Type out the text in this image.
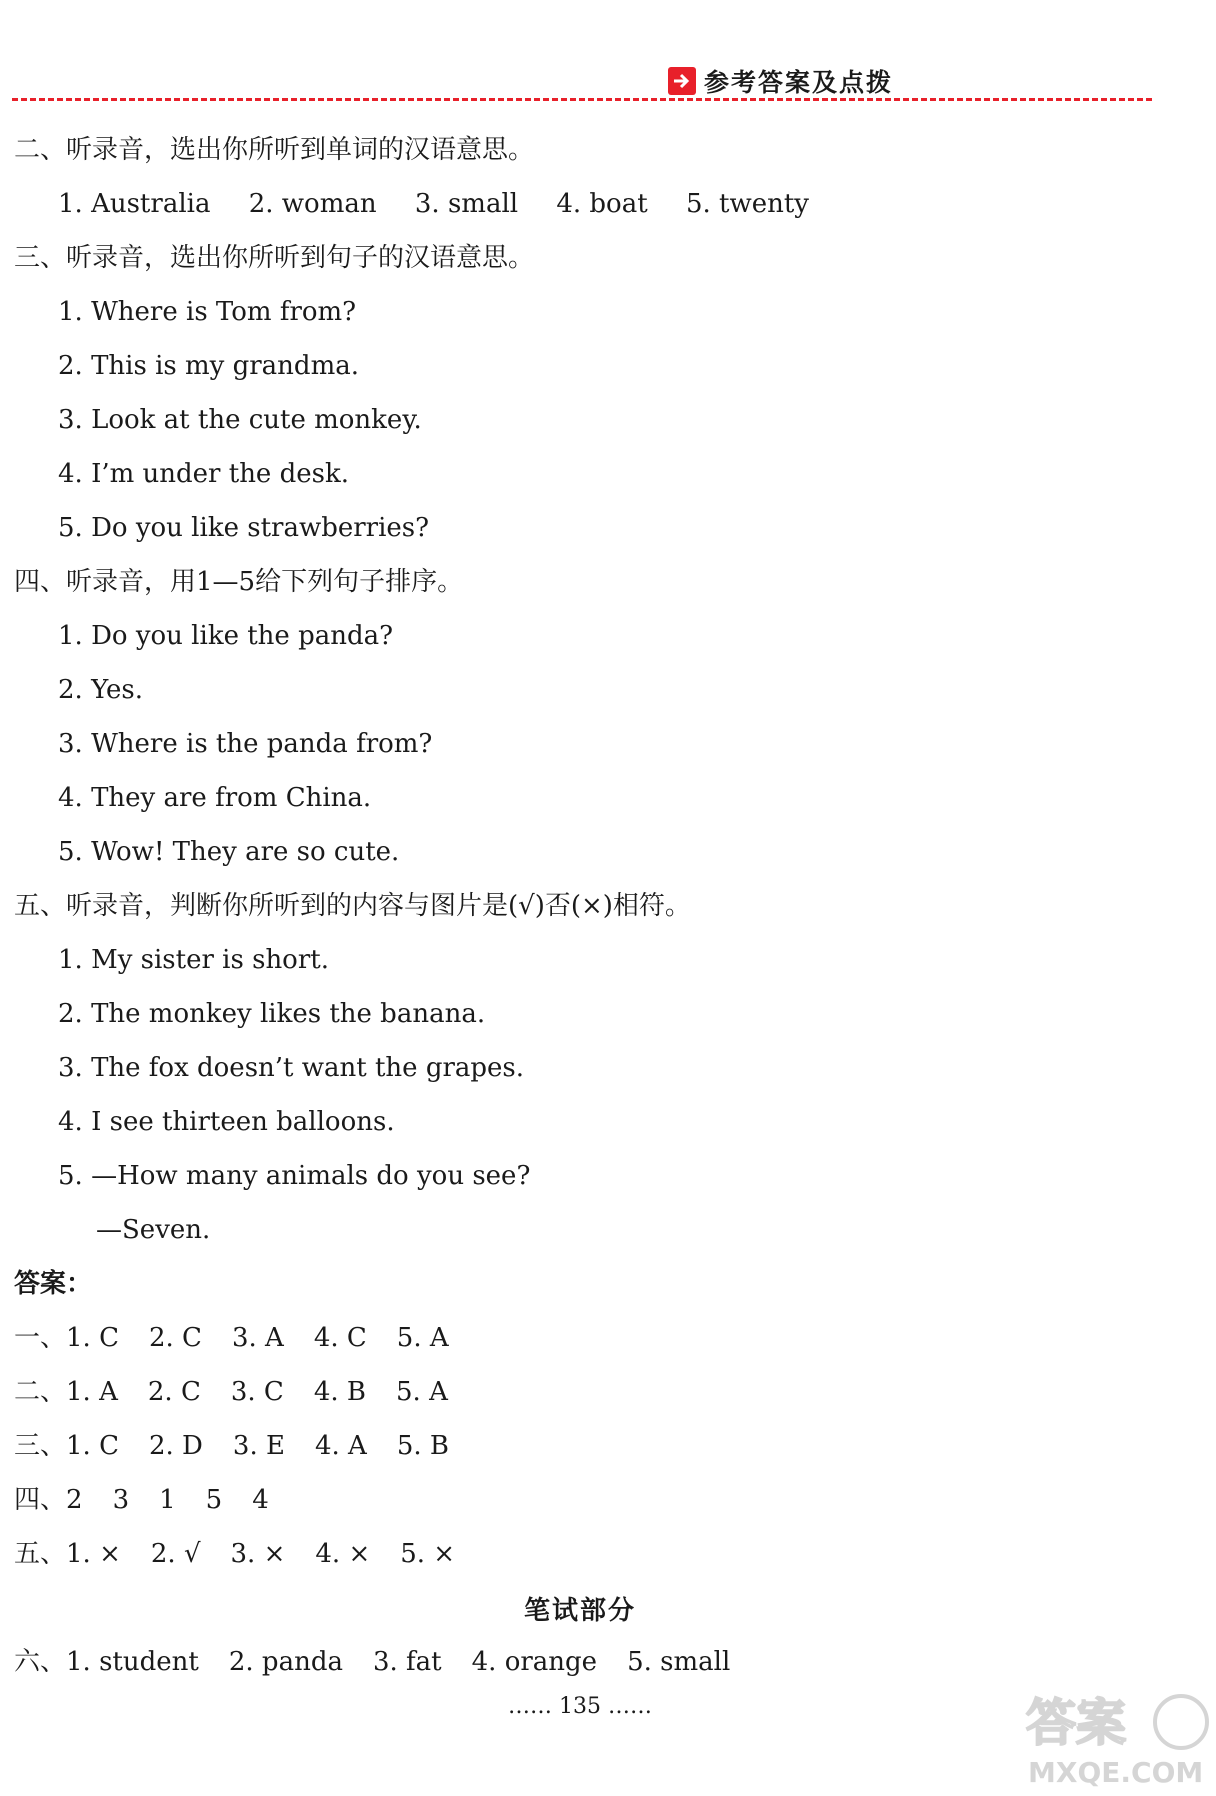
参考答案及点拨
二、听录音，选出你所听到单词的汉语意思。
1. Australia 2. woman 3. small 4. boat 5. twenty
三、听录音，选出你所听到句子的汉语意思。
1. Where is Tom from?
2. This is my grandma.
3. Look at the cute monkey.
4. I’m under the desk.
5. Do you like strawberries?
四、听录音，用1—5给下列句子排序。
1. Do you like the panda?
2. Yes.
3. Where is the panda from?
4. They are from China.
5. Wow! They are so cute.
五、听录音，判断你所听到的内容与图片是(√)否(×)相符。
1. My sister is short.
2. The monkey likes the banana.
3. The fox doesn’t want the grapes.
4. I see thirteen balloons.
5. —How many animals do you see?
—Seven.
答案：
一、1. C 2. C 3. A 4. C 5. A
二、1. A 2. C 3. C 4. B 5. A
三、1. C 2. D 3. E 4. A 5. B
四、2 3 1 5 4
五、1. × 2. √ 3. × 4. × 5. ×
笔试部分
六、1. student 2. panda 3. fat 4. orange 5. small
…… 135 ……	答案
MXQE.COM
